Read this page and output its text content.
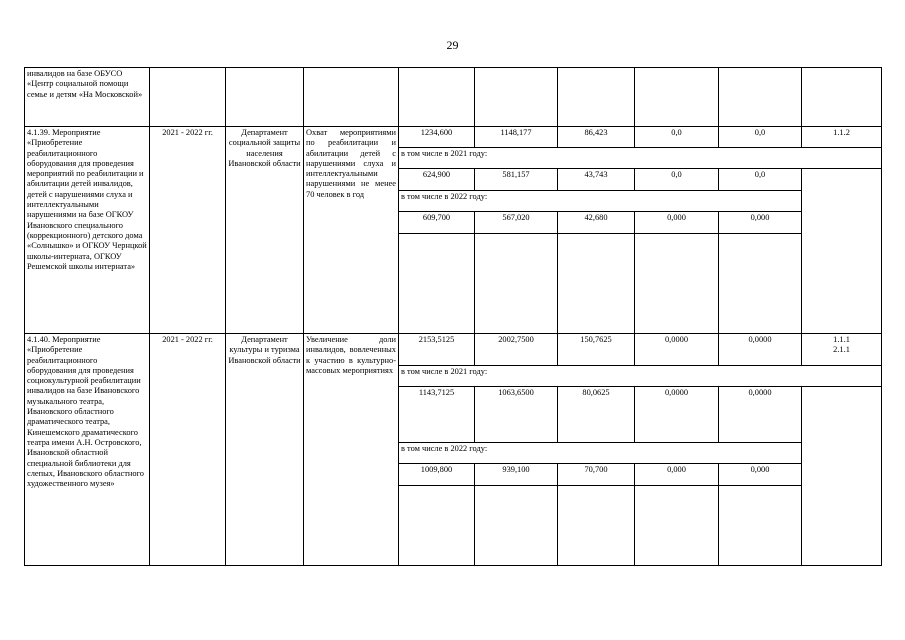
29
инвалидов на базе ОБУСО «Центр социальной помощи семье и детям «На Московской»									
4.1.39. Мероприятие «Приобретение реабилитационного оборудования для проведения мероприятий по реабилитации и абилитации детей инвалидов, детей с нарушениями слуха и интеллектуальными нарушениями на базе ОГКОУ Ивановского специального (коррекционного) детского дома «Солнышко» и ОГКОУ Чернцкой школы-интерната, ОГКОУ Решемской школы интерната»	2021 - 2022 гг.	Департамент социальной защиты населения Ивановской области	Охват мероприятиями по реабилитации и абилитации детей с нарушениями слуха и интеллектуальными нарушениями не менее 70 человек в год	1234,600	1148,177	86,423	0,0	0,0	1.1.2
				в том числе в 2021 году:					
				624,900	581,157	43,743	0,0	0,0	
				в том числе в 2022 году:					
				609,700	567,020	42,680	0,000	0,000	

4.1.40. Мероприятие «Приобретение реабилитационного оборудования для проведения социокультурной реабилитации инвалидов на базе Ивановского музыкального театра, Ивановского областного драматического театра, Кинешемского драматического театра имени А.Н. Островского, Ивановской областной специальной библиотеки для слепых, Ивановского областного художественного музея»	2021 - 2022 гг.	Департамент культуры и туризма Ивановской области	Увеличение доли инвалидов, вовлеченных к участию в культурно-массовых мероприятиях	2153,5125	2002,7500	150,7625	0,0000	0,0000	1.1.1
2.1.1
				в том числе в 2021 году:					
				1143,7125	1063,6500	80,0625	0,0000	0,0000	
				в том числе в 2022 году:					
				1009,800	939,100	70,700	0,000	0,000	
